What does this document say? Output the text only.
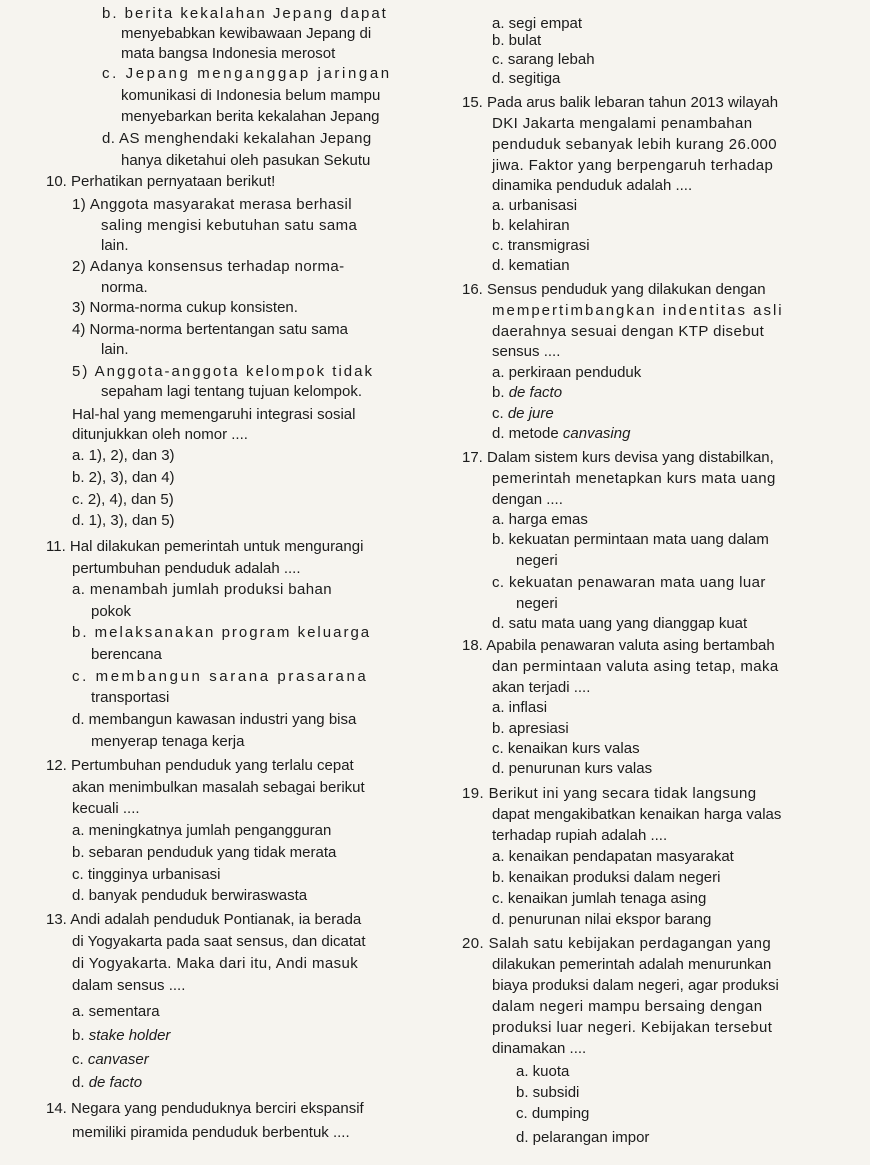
b. berita kekalahan Jepang dapat
menyebabkan kewibawaan Jepang di
mata bangsa Indonesia merosot
c. Jepang menganggap jaringan
komunikasi di Indonesia belum mampu
menyebarkan berita kekalahan Jepang
d. AS menghendaki kekalahan Jepang
hanya diketahui oleh pasukan Sekutu
10. Perhatikan pernyataan berikut!
1) Anggota masyarakat merasa berhasil
saling mengisi kebutuhan satu sama
lain.
2) Adanya konsensus terhadap norma-
norma.
3) Norma-norma cukup konsisten.
4) Norma-norma bertentangan satu sama
lain.
5) Anggota-anggota kelompok tidak
sepaham lagi tentang tujuan kelompok.
Hal-hal yang memengaruhi integrasi sosial
ditunjukkan oleh nomor ....
a. 1), 2), dan 3)
b. 2), 3), dan 4)
c. 2), 4), dan 5)
d. 1), 3), dan 5)
11. Hal dilakukan pemerintah untuk mengurangi
pertumbuhan penduduk adalah ....
a. menambah jumlah produksi bahan
pokok
b. melaksanakan program keluarga
berencana
c. membangun sarana prasarana
transportasi
d. membangun kawasan industri yang bisa
menyerap tenaga kerja
12. Pertumbuhan penduduk yang terlalu cepat
akan menimbulkan masalah sebagai berikut
kecuali ....
a. meningkatnya jumlah pengangguran
b. sebaran penduduk yang tidak merata
c. tingginya urbanisasi
d. banyak penduduk berwiraswasta
13. Andi adalah penduduk Pontianak, ia berada
di Yogyakarta pada saat sensus, dan dicatat
di Yogyakarta. Maka dari itu, Andi masuk
dalam sensus ....
a. sementara
b. stake holder
c. canvaser
d. de facto
14. Negara yang penduduknya berciri ekspansif
memiliki piramida penduduk berbentuk ....
a. segi empat
b. bulat
c. sarang lebah
d. segitiga
15. Pada arus balik lebaran tahun 2013 wilayah
DKI Jakarta mengalami penambahan
penduduk sebanyak lebih kurang 26.000
jiwa. Faktor yang berpengaruh terhadap
dinamika penduduk adalah ....
a. urbanisasi
b. kelahiran
c. transmigrasi
d. kematian
16. Sensus penduduk yang dilakukan dengan
mempertimbangkan indentitas asli
daerahnya sesuai dengan KTP disebut
sensus ....
a. perkiraan penduduk
b. de facto
c. de jure
d. metode canvasing
17. Dalam sistem kurs devisa yang distabilkan,
pemerintah menetapkan kurs mata uang
dengan ....
a. harga emas
b. kekuatan permintaan mata uang dalam
negeri
c. kekuatan penawaran mata uang luar
negeri
d. satu mata uang yang dianggap kuat
18. Apabila penawaran valuta asing bertambah
dan permintaan valuta asing tetap, maka
akan terjadi ....
a. inflasi
b. apresiasi
c. kenaikan kurs valas
d. penurunan kurs valas
19. Berikut ini yang secara tidak langsung
dapat mengakibatkan kenaikan harga valas
terhadap rupiah adalah ....
a. kenaikan pendapatan masyarakat
b. kenaikan produksi dalam negeri
c. kenaikan jumlah tenaga asing
d. penurunan nilai ekspor barang
20. Salah satu kebijakan perdagangan yang
dilakukan pemerintah adalah menurunkan
biaya produksi dalam negeri, agar produksi
dalam negeri mampu bersaing dengan
produksi luar negeri. Kebijakan tersebut
dinamakan ....
a. kuota
b. subsidi
c. dumping
d. pelarangan impor
